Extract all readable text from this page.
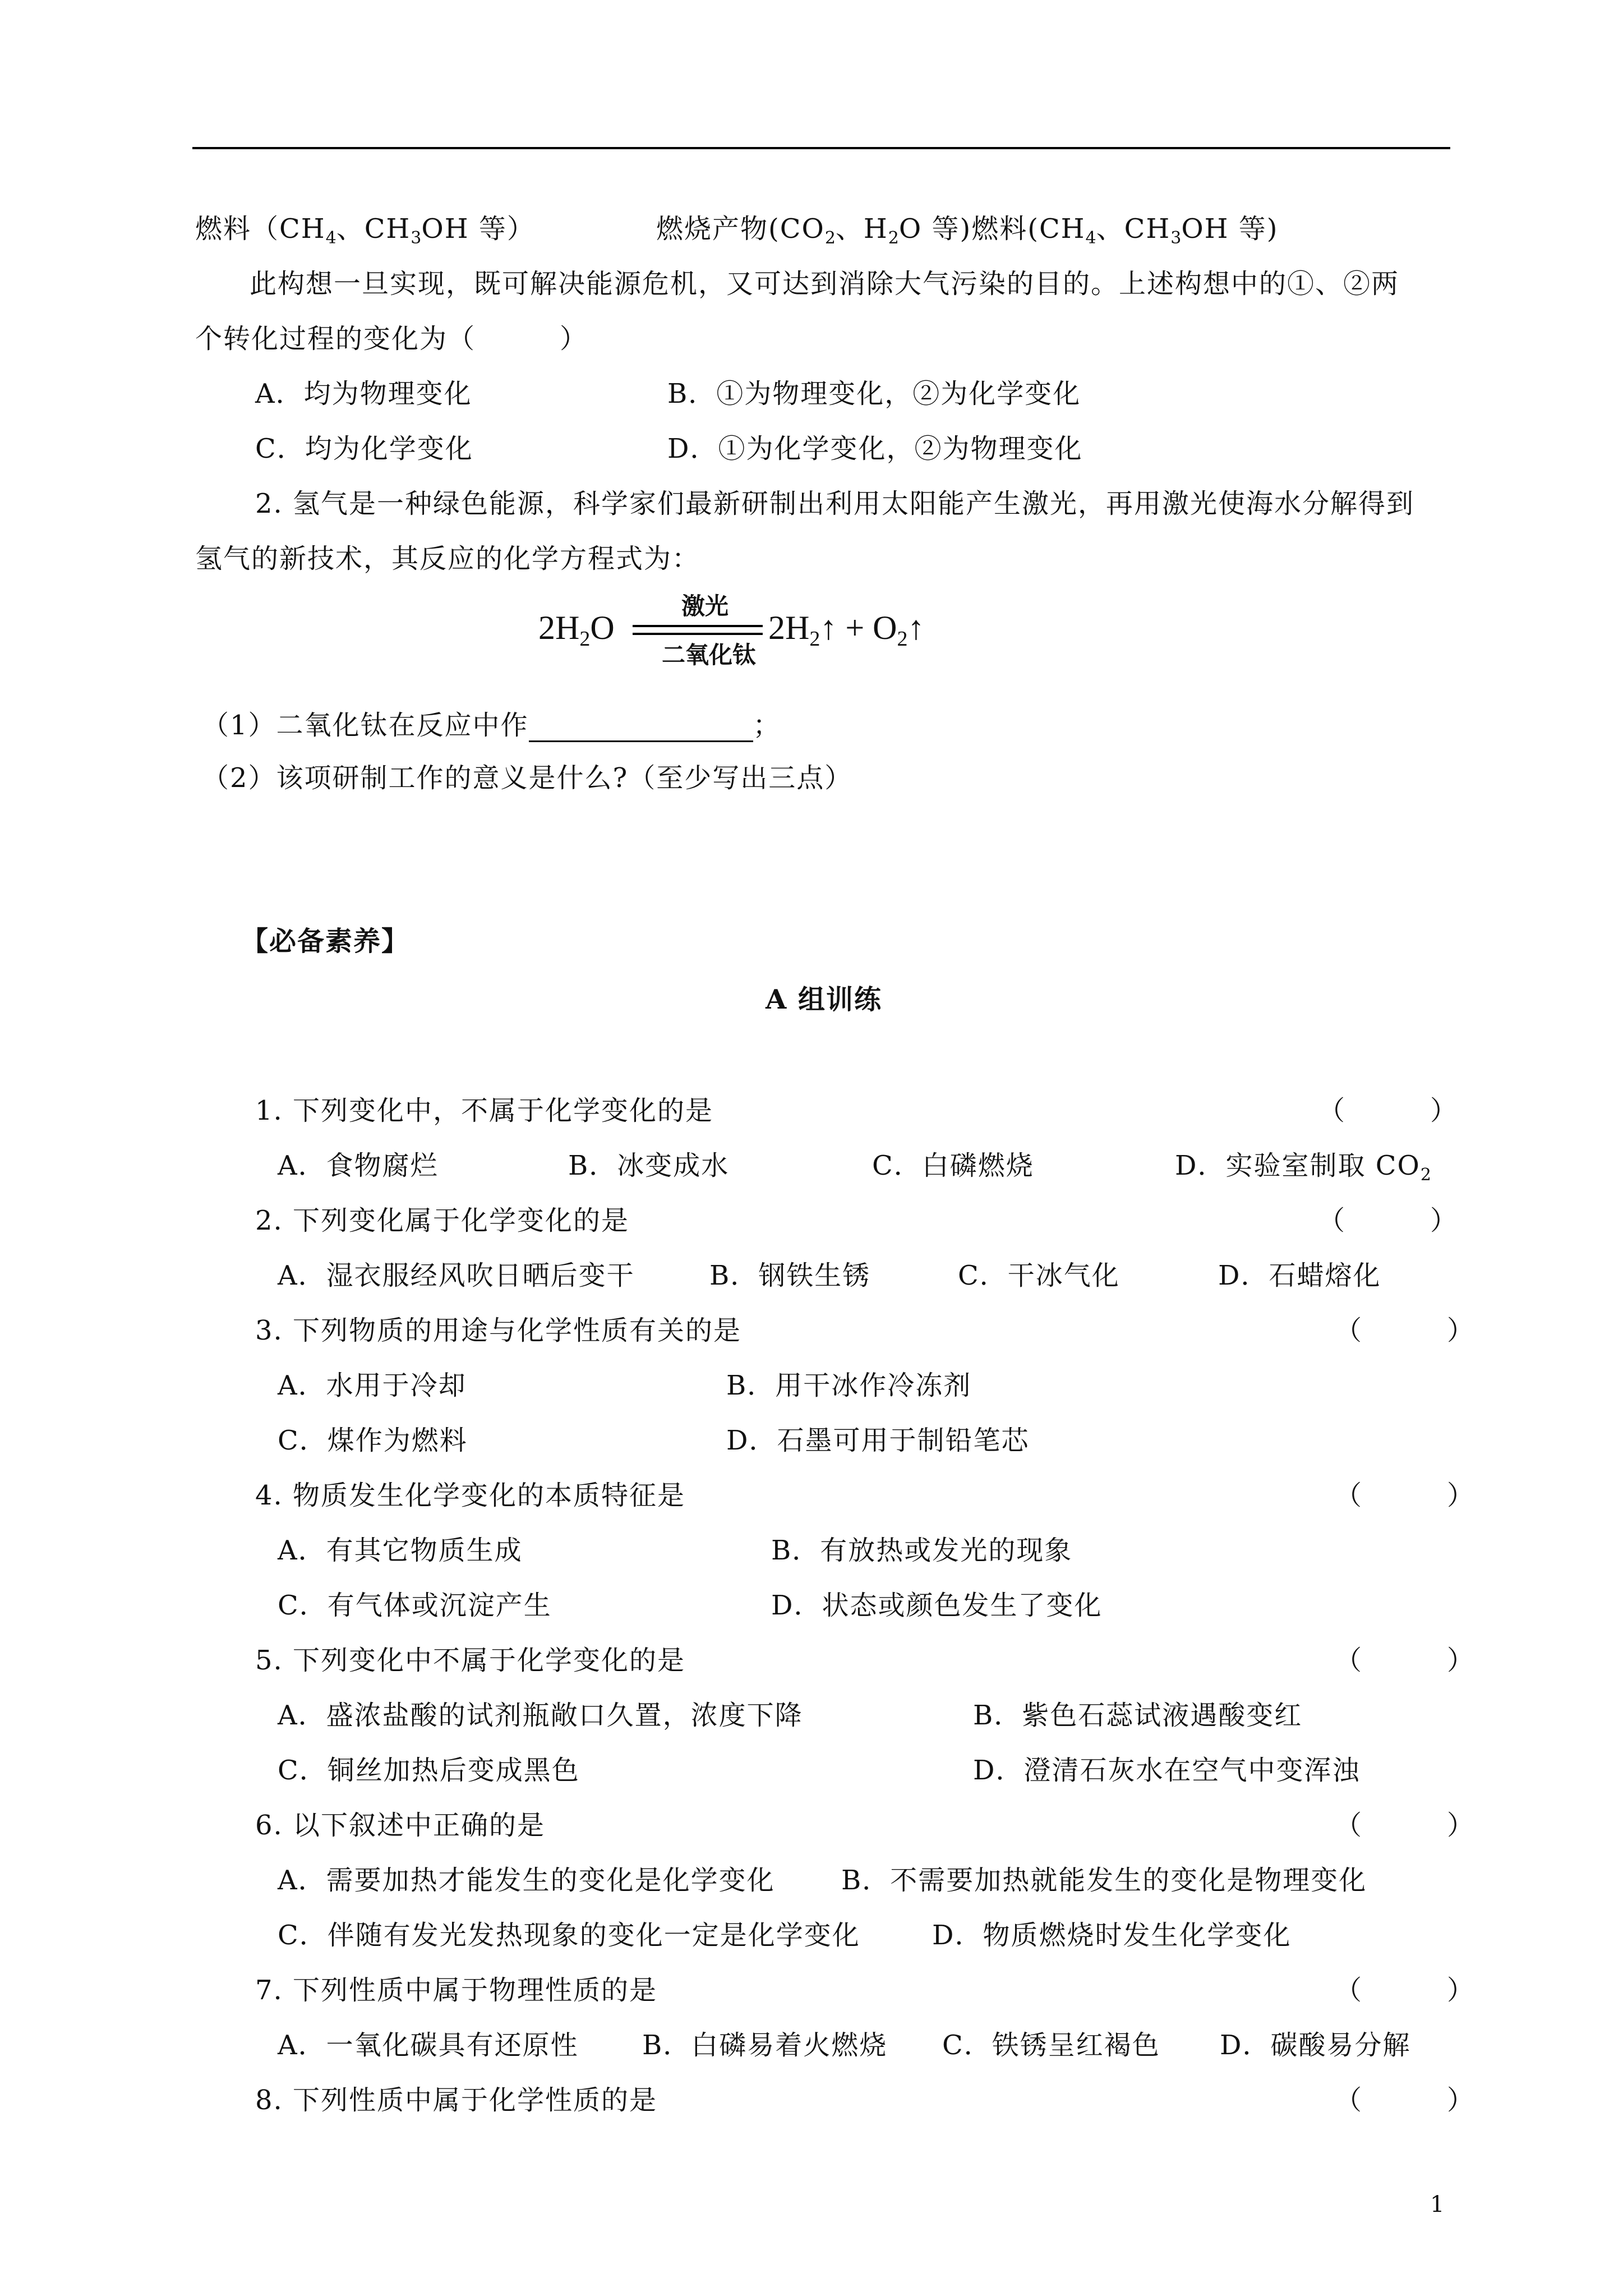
燃料（$CH_4$、$CH_3OH$ 等）	燃烧产物($CO_2$、$H_2O$ 等)燃料($CH_4$、$CH_3OH$ 等)
此构想一旦实现，既可解决能源危机，又可达到消除大气污染的目的。上述构想中的①、②两
个转化过程的变化为（　　　）
A．均为物理变化	B．①为物理变化，②为化学变化
C．均为化学变化	D．①为化学变化，②为物理变化
2. 氢气是一种绿色能源，科学家们最新研制出利用太阳能产生激光，再用激光使海水分解得到
氢气的新技术，其反应的化学方程式为：
$2H_2O$
激光
二氧化钛
$2H_2↑$ + $O_2↑$
（1）二氧化钛在反应中作	；
（2）该项研制工作的意义是什么?（至少写出三点）
【必备素养】
A 组训练
1. 下列变化中，不属于化学变化的是	（　　　）
A．食物腐烂	B．冰变成水	C．白磷燃烧	D．实验室制取 $CO_2$
2. 下列变化属于化学变化的是	（　　　）
A．湿衣服经风吹日晒后变干	B．钢铁生锈	C．干冰气化	D．石蜡熔化
3. 下列物质的用途与化学性质有关的是	（　　　）
A．水用于冷却	B．用干冰作冷冻剂
C．煤作为燃料	D．石墨可用于制铅笔芯
4. 物质发生化学变化的本质特征是	（　　　）
A．有其它物质生成	B．有放热或发光的现象
C．有气体或沉淀产生	D．状态或颜色发生了变化
5. 下列变化中不属于化学变化的是	（　　　）
A．盛浓盐酸的试剂瓶敞口久置，浓度下降	B．紫色石蕊试液遇酸变红
C．铜丝加热后变成黑色	D．澄清石灰水在空气中变浑浊
6. 以下叙述中正确的是	（　　　）
A．需要加热才能发生的变化是化学变化 B．不需要加热就能发生的变化是物理变化
C．伴随有发光发热现象的变化一定是化学变化	D．物质燃烧时发生化学变化
7. 下列性质中属于物理性质的是	（　　　）
A．一氧化碳具有还原性 B．白磷易着火燃烧 C．铁锈呈红褐色 D．碳酸易分解
8. 下列性质中属于化学性质的是	（　　　）
1
